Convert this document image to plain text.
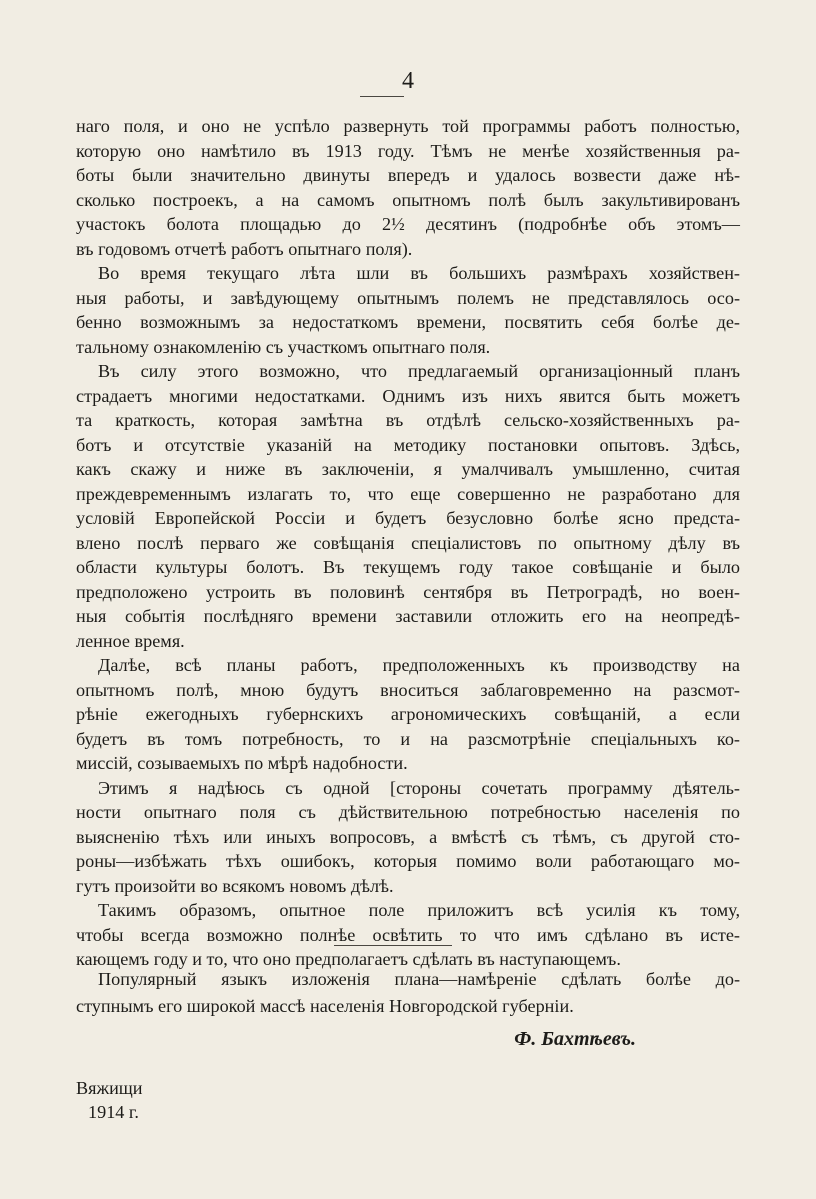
4
наго поля, и оно не успѣло развернуть той программы работъ полностью,
которую оно намѣтило въ 1913 году. Тѣмъ не менѣе хозяйственныя ра-
боты были значительно двинуты впередъ и удалось возвести даже нѣ-
сколько построекъ, а на самомъ опытномъ полѣ былъ закультивированъ
участокъ болота площадью до 2½ десятинъ (подробнѣе объ этомъ—
въ годовомъ отчетѣ работъ опытнаго поля).
Во время текущаго лѣта шли въ большихъ размѣрахъ хозяйствен-
ныя работы, и завѣдующему опытнымъ полемъ не представлялось осо-
бенно возможнымъ за недостаткомъ времени, посвятить себя болѣе де-
тальному ознакомленію съ участкомъ опытнаго поля.
Въ силу этого возможно, что предлагаемый организаціонный планъ
страдаетъ многими недостатками. Однимъ изъ нихъ явится быть можетъ
та краткость, которая замѣтна въ отдѣлѣ сельско-хозяйственныхъ ра-
ботъ и отсутствіе указаній на методику постановки опытовъ. Здѣсь,
какъ скажу и ниже въ заключеніи, я умалчивалъ умышленно, считая
преждевременнымъ излагать то, что еще совершенно не разработано для
условій Европейской Россіи и будетъ безусловно болѣе ясно предста-
влено послѣ перваго же совѣщанія спеціалистовъ по опытному дѣлу въ
области культуры болотъ. Въ текущемъ году такое совѣщаніе и было
предположено устроить въ половинѣ сентября въ Петроградѣ, но воен-
ныя событія послѣдняго времени заставили отложить его на неопредѣ-
ленное время.
Далѣе, всѣ планы работъ, предположенныхъ къ производству на
опытномъ полѣ, мною будутъ вноситься заблаговременно на разсмот-
рѣніе ежегодныхъ губернскихъ агрономическихъ совѣщаній, а если
будетъ въ томъ потребность, то и на разсмотрѣніе спеціальныхъ ко-
миссій, созываемыхъ по мѣрѣ надобности.
Этимъ я надѣюсь съ одной [стороны сочетать программу дѣятель-
ности опытнаго поля съ дѣйствительною потребностью населенія по
выясненію тѣхъ или иныхъ вопросовъ, а вмѣстѣ съ тѣмъ, съ другой сто-
роны—избѣжать тѣхъ ошибокъ, которыя помимо воли работающаго мо-
гутъ произойти во всякомъ новомъ дѣлѣ.
Такимъ образомъ, опытное поле приложитъ всѣ усилія къ тому,
чтобы всегда возможно полнѣе освѣтить то что имъ сдѣлано въ исте-
кающемъ году и то, что оно предполагаетъ сдѣлать въ наступающемъ.
Популярный языкъ изложенія плана—намѣреніе сдѣлать болѣе до-
ступнымъ его широкой массѣ населенія Новгородской губерніи.
Ф. Бахтѣевъ.
Вяжищи
1914 г.
